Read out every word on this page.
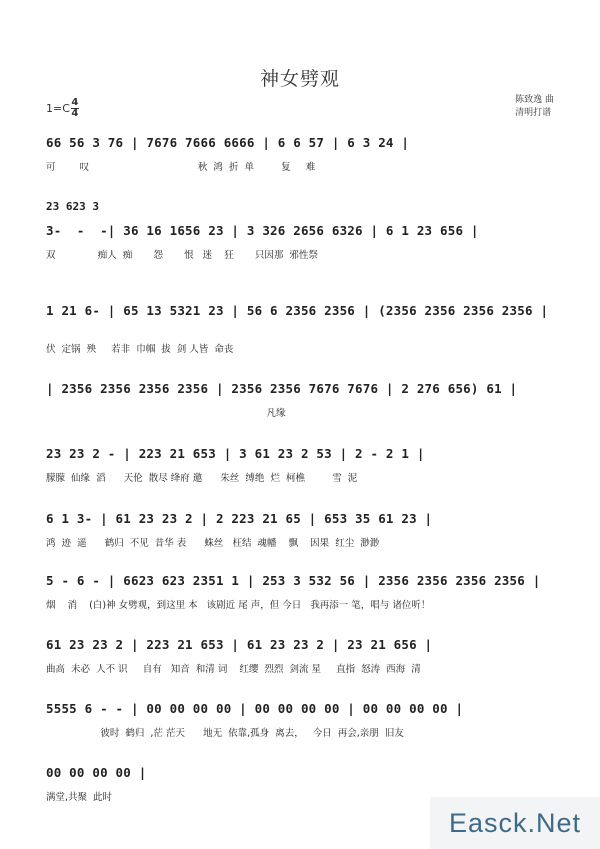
神女劈观
1=C 4
4
陈致逸 曲
清明打谱
66 56 3 76 | 7676 7666 6666 | 6 6 57 | 6 3 24 |
可        叹                                    秋  鸿  折  单         复     难
23 623 3
3-  -  -| 36 16 1656 23 | 3 326 2656 6326 | 6 1 23 656 |
双              痴人  痴       怨       恨   迷    狂       只因那  邪性祭
1 21 6- | 65 13 5321 23 | 56 6 2356 2356 | (2356 2356 2356 2356 |
伏  定锅  殃     若非  巾帼  拔  剑 人皆  命丧
| 2356 2356 2356 2356 | 2356 2356 7676 7676 | 2 276 656) 61 |
凡缘
23 23 2 - | 223 21 653 | 3 61 23 2 53 | 2 - 2 1 |
朦朦  仙缘  滔      天伦  散尽 绛府 邀      朱丝  缚绝  烂  柯樵         雪  泥
6 1 3- | 61 23 23 2 | 2 223 21 65 | 653 35 61 23 |
鸿  迹  遥      鹤归  不见  昔华 表      蛛丝   枉结  魂幡    飘    因果  红尘  渺渺
5 - 6 - | 6623 623 2351 1 | 253 3 532 56 | 2356 2356 2356 2356 |
烟    消    (白)神 女劈观，到这里 本   该剧近 尾 声，但 今日   我再添一 笔，唱与 诸位听！
61 23 23 2 | 223 21 653 | 61 23 23 2 | 23 21 656 |
曲高  未必  人不 识     自有   知音  和清 词    红缨  烈烈  剑流 星     直指  怒涛  西海  清
5555 6 - - | 00 00 00 00 | 00 00 00 00 | 00 00 00 00 |
彼时  鹤归  ,茫 茫天      地无  依靠,孤身  离去，   今日  再会,亲朋  旧友
00 00 00 00 |
满堂,共聚  此时
Easck.Net
